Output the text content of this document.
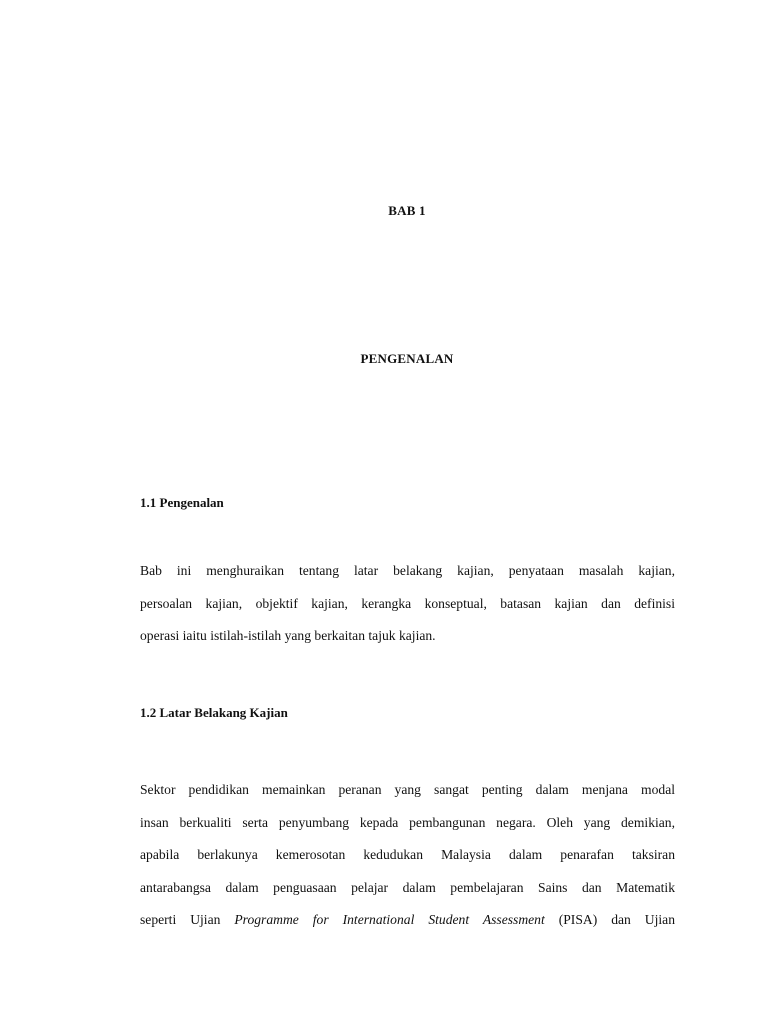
BAB 1
PENGENALAN
1.1 Pengenalan

Bab ini menghuraikan tentang latar belakang kajian, penyataan masalah kajian,
persoalan kajian, objektif kajian, kerangka konseptual, batasan kajian dan definisi
operasi iaitu istilah-istilah yang berkaitan tajuk kajian.

1.2 Latar Belakang Kajian

Sektor pendidikan memainkan peranan yang sangat penting dalam menjana modal
insan berkualiti serta penyumbang kepada pembangunan negara. Oleh yang demikian,
apabila berlakunya kemerosotan kedudukan Malaysia dalam penarafan taksiran
antarabangsa dalam penguasaan pelajar dalam pembelajaran Sains dan Matematik
seperti Ujian Programme for International Student Assessment (PISA) dan Ujian
